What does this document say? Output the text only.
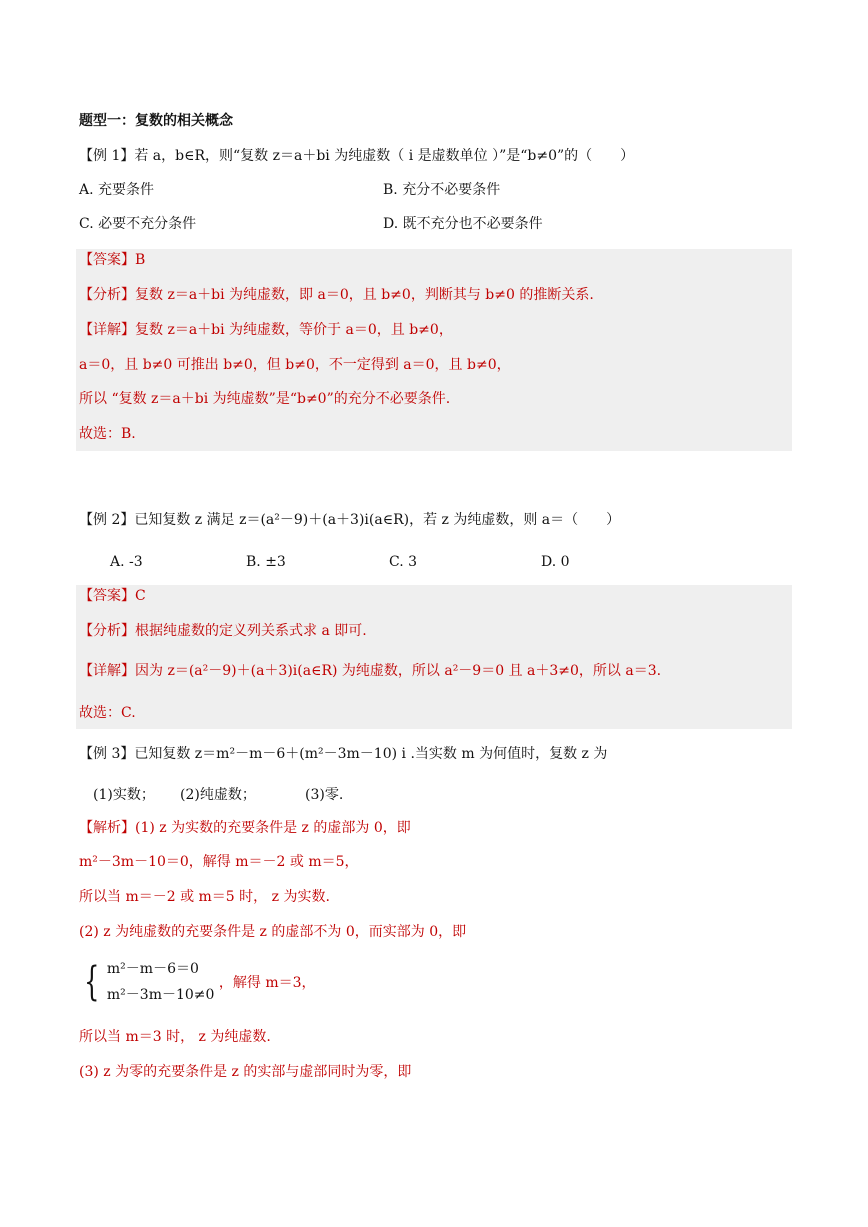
题型一：复数的相关概念
【例 1】若 a，b∈R，则“复数 z＝a＋bi 为纯虚数（ i 是虚数单位 ）”是“b≠0”的（　　）
A. 充要条件	B. 充分不必要条件
C. 必要不充分条件	D. 既不充分也不必要条件
【答案】B
【分析】复数 z＝a＋bi 为纯虚数，即 a＝0，且 b≠0，判断其与 b≠0 的推断关系.
【详解】复数 z＝a＋bi 为纯虚数，等价于 a＝0，且 b≠0，
a＝0，且 b≠0 可推出 b≠0，但 b≠0，不一定得到 a＝0，且 b≠0，
所以 “复数 z＝a＋bi 为纯虚数”是“b≠0”的充分不必要条件.
故选：B.
【例 2】已知复数 z 满足 z＝(a²－9)＋(a＋3)i(a∈R)，若 z 为纯虚数，则 a＝（　　）
A. -3	B. ±3	C. 3	D. 0
【答案】C
【分析】根据纯虚数的定义列关系式求 a 即可.
【详解】因为 z＝(a²－9)＋(a＋3)i(a∈R) 为纯虚数，所以 a²－9＝0 且 a＋3≠0，所以 a＝3.
故选：C.
【例 3】已知复数 z＝m²－m－6＋(m²－3m－10) i .当实数 m 为何值时，复数 z 为
(1)实数； (2)纯虚数；	(3)零.
【解析】(1) z 为实数的充要条件是 z 的虚部为 0，即
m²－3m－10＝0，解得 m＝－2 或 m＝5，
所以当 m＝－2 或 m＝5 时， z 为实数.
(2) z 为纯虚数的充要条件是 z 的虚部不为 0，而实部为 0，即
{ m²－m－6＝0
m²－3m－10≠0
，解得 m＝3，
所以当 m＝3 时， z 为纯虚数.
(3) z 为零的充要条件是 z 的实部与虚部同时为零，即
